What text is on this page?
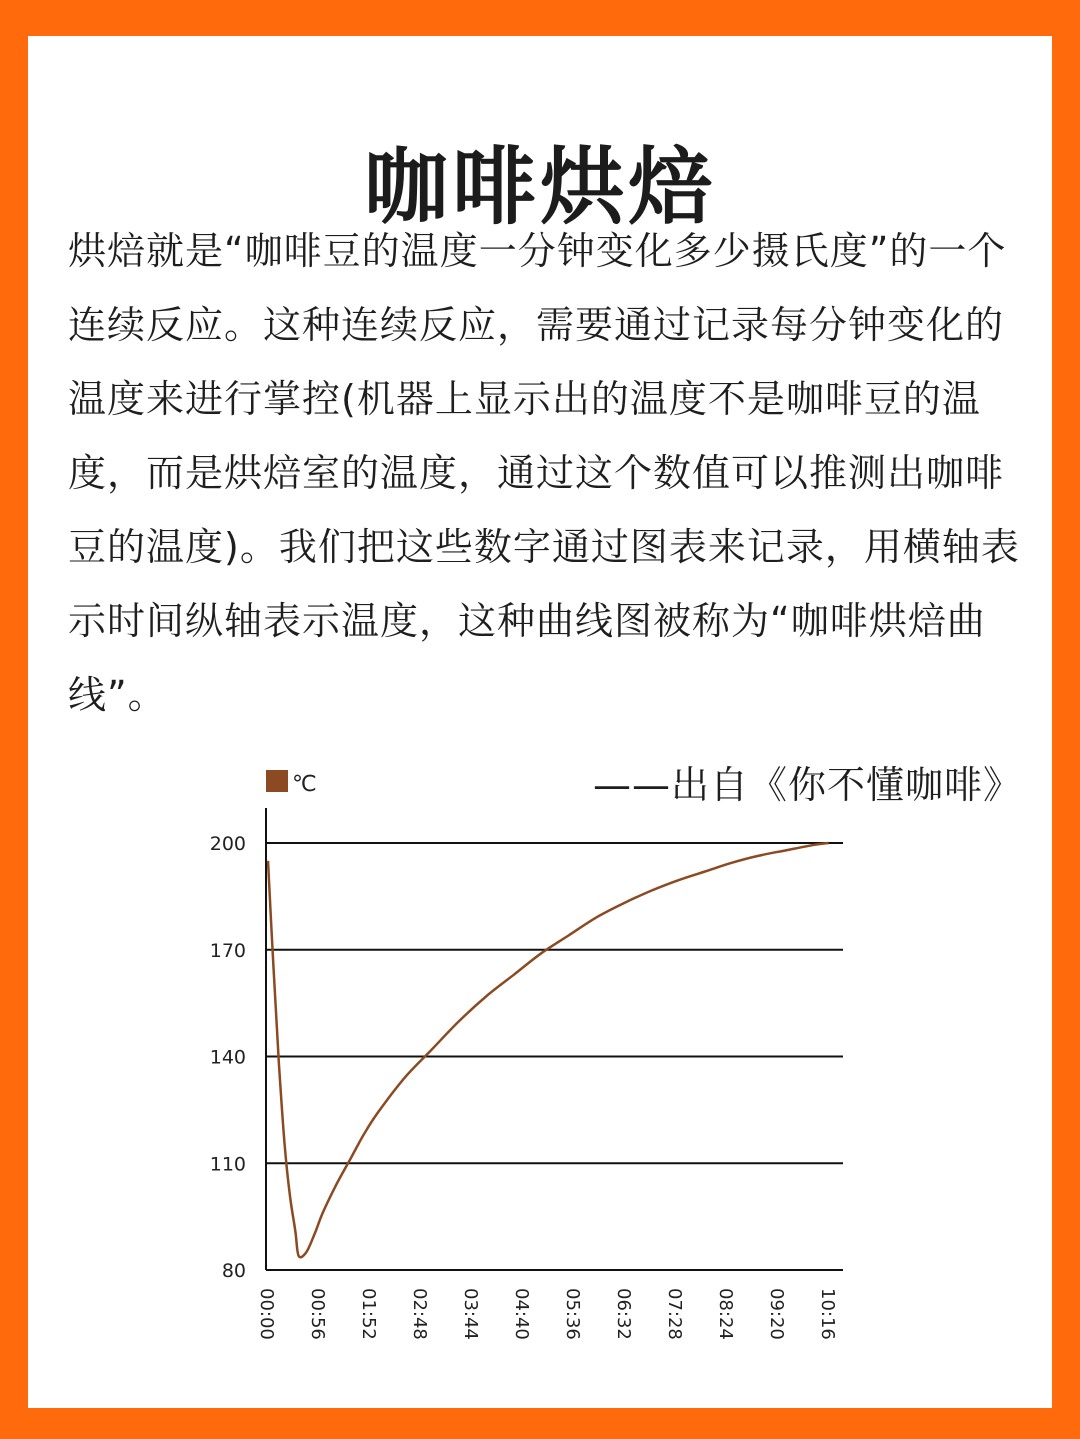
咖啡烘焙

烘焙就是“咖啡豆的温度一分钟变化多少摄氏度”的一个连续反应。这种连续反应，需要通过记录每分钟变化的温度来进行掌控(机器上显示出的温度不是咖啡豆的温度，而是烘焙室的温度，通过这个数值可以推测出咖啡豆的温度)。我们把这些数字通过图表来记录，用横轴表示时间纵轴表示温度，这种曲线图被称为“咖啡烘焙曲线”。

——出自《你不懂咖啡》
℃
200
170
140
110
80
00:00 00:56 01:52 02:48 03:44 04:40 05:36 06:32 07:28 08:24 09:20 10:16
